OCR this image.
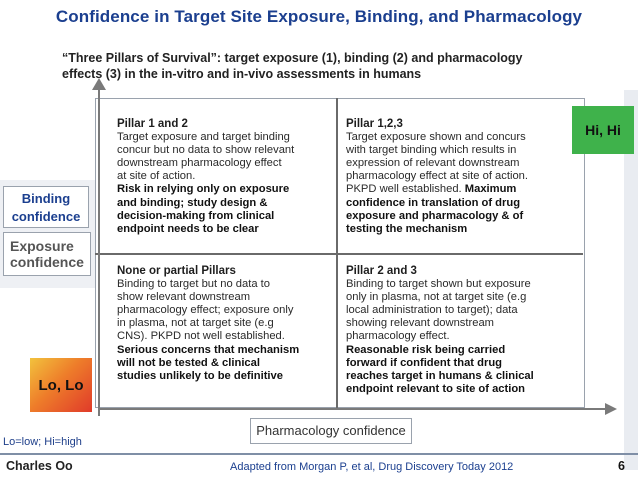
Confidence in Target Site Exposure, Binding, and Pharmacology
“Three Pillars of Survival”: target exposure (1), binding (2) and pharmacology
effects (3) in the in-vitro and in-vivo assessments in humans
Pillar 1 and 2
Target exposure and target binding
concur but no data to show relevant
downstream pharmacology effect
at site of action.
Risk in relying only on exposure
and binding; study design &
decision-making from clinical
endpoint needs to be clear
Pillar 1,2,3
Target exposure shown and concurs
with target binding which results in
expression of relevant downstream
pharmacology effect at site of action.
PKPD well established. Maximum
confidence in translation of drug
exposure and pharmacology & of
testing the mechanism
None or partial Pillars
Binding to target but no data to
show relevant downstream
pharmacology effect; exposure only
in plasma, not at target site (e.g
CNS). PKPD not well established.
Serious concerns that mechanism
will not be tested & clinical
studies unlikely to be definitive
Pillar 2 and 3
Binding to target shown but exposure
only in plasma, not at target site (e.g
local administration to target); data
showing relevant downstream
pharmacology effect.
Reasonable risk being carried
forward if confident that drug
reaches target in humans & clinical
endpoint relevant to site of action
Hi, Hi
Lo, Lo
Binding
confidence
Exposure
confidence
Pharmacology confidence
Lo=low; Hi=high
Charles Oo	Adapted from Morgan P, et al, Drug Discovery Today 2012	6
